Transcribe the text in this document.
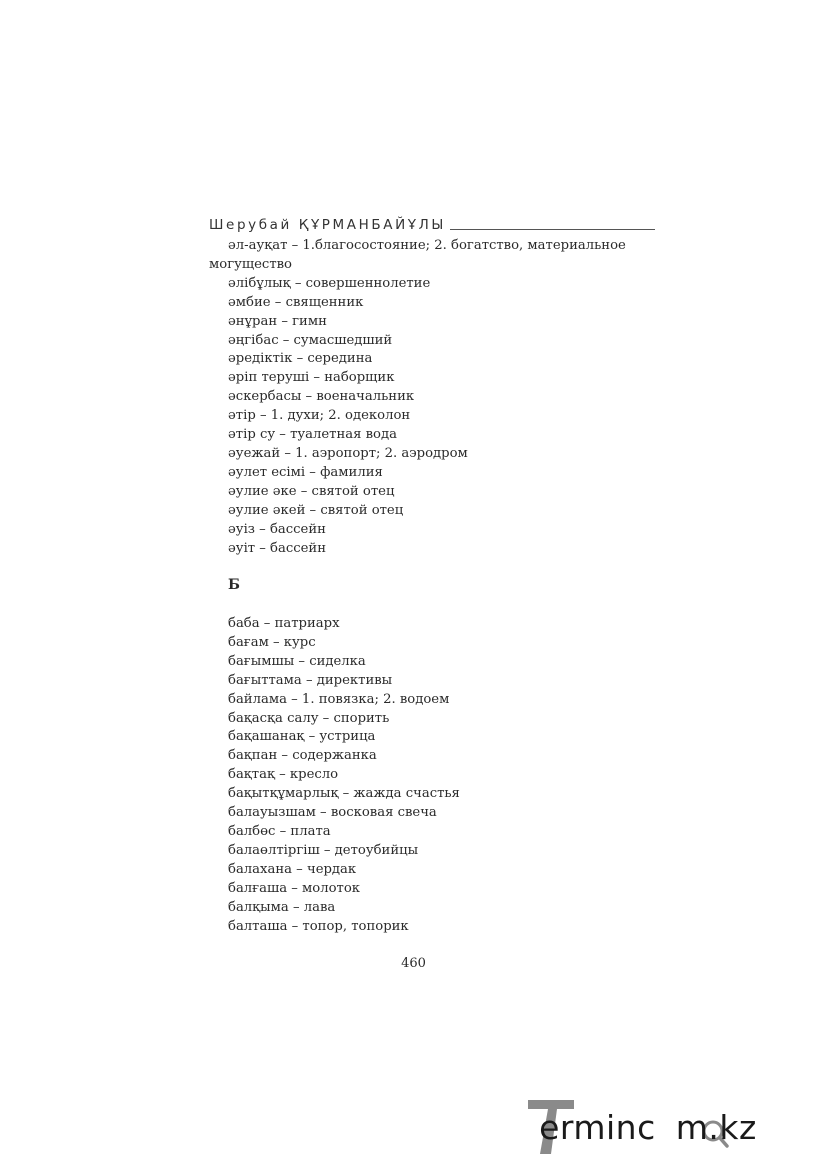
Шерубай ҚҰРМАНБАЙҰЛЫ
әл-ауқат – 1.благосостояние; 2. богатство, материальное могущество
әлібұлық – совершеннолетие
әмбие – священник
әнұран – гимн
әңгібас – сумасшедший
әредіктік – середина
әріп теруші – наборщик
әскербасы – военачальник
әтір – 1. духи; 2. одеколон
әтір су – туалетная вода
әуежай – 1. аэропорт; 2. аэродром
әулет есімі – фамилия
әулие әке – святой отец
әулие әкей – святой отец
әуіз – бассейн
әуіт – бассейн
Б
баба – патриарх
бағам – курс
бағымшы – сиделка
бағыттама – директивы
байлама – 1. повязка; 2. водоем
бақасқа салу – спорить
бақашанақ – устрица
бақпан – содержанка
бақтақ – кресло
бақытқұмарлық – жажда счастья
балауызшам – восковая свеча
балбөс – плата
балаөлтіргіш – детоубийцы
балахана – чердак
балғаша – молоток
балқыма – лава
балташа – топор, топорик
460
erminc m.kz
